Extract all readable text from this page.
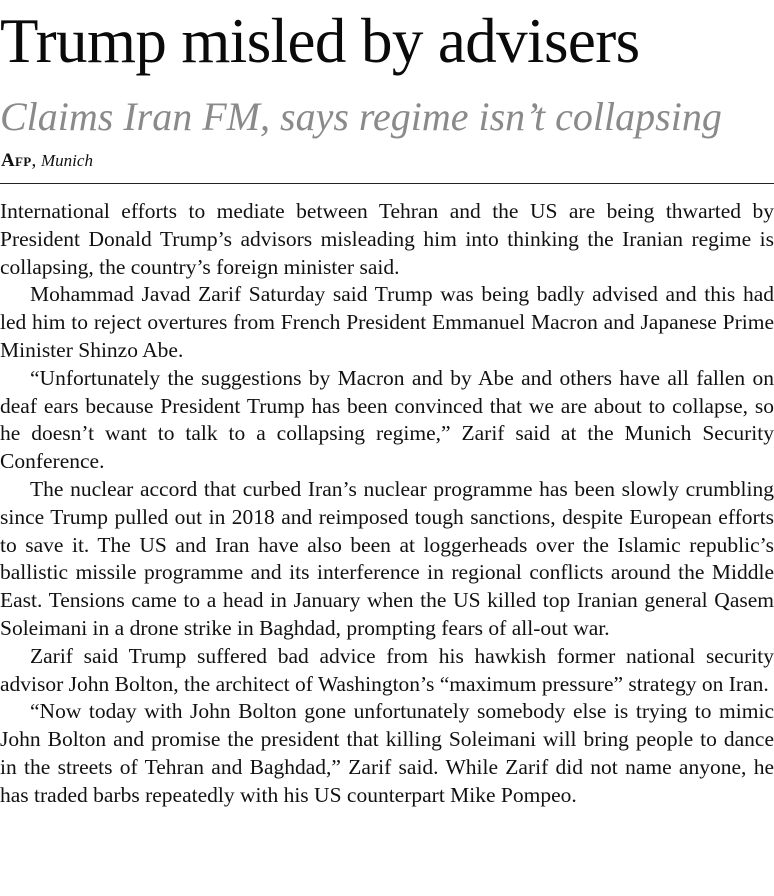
Trump misled by advisers
Claims Iran FM, says regime isn’t collapsing
Afp, Munich

International efforts to mediate between Tehran and the US are being thwarted by President Donald Trump’s advisors misleading him into thinking the Iranian regime is collapsing, the country’s foreign minister said.

Mohammad Javad Zarif Saturday said Trump was being badly advised and this had led him to reject overtures from French President Emmanuel Macron and Japanese Prime Minister Shinzo Abe.

“Unfortunately the suggestions by Macron and by Abe and others have all fallen on deaf ears because President Trump has been convinced that we are about to collapse, so he doesn’t want to talk to a collapsing regime,” Zarif said at the Munich Security Conference.

The nuclear accord that curbed Iran’s nuclear programme has been slowly crumbling since Trump pulled out in 2018 and reimposed tough sanctions, despite European efforts to save it. The US and Iran have also been at loggerheads over the Islamic republic’s ballistic missile programme and its interference in regional conflicts around the Middle East. Tensions came to a head in January when the US killed top Iranian general Qasem Soleimani in a drone strike in Baghdad, prompting fears of all-out war.

Zarif said Trump suffered bad advice from his hawkish former national security advisor John Bolton, the architect of Washington’s “maximum pressure” strategy on Iran.

“Now today with John Bolton gone unfortunately somebody else is trying to mimic John Bolton and promise the president that killing Soleimani will bring people to dance in the streets of Tehran and Baghdad,” Zarif said. While Zarif did not name anyone, he has traded barbs repeatedly with his US counterpart Mike Pompeo.
